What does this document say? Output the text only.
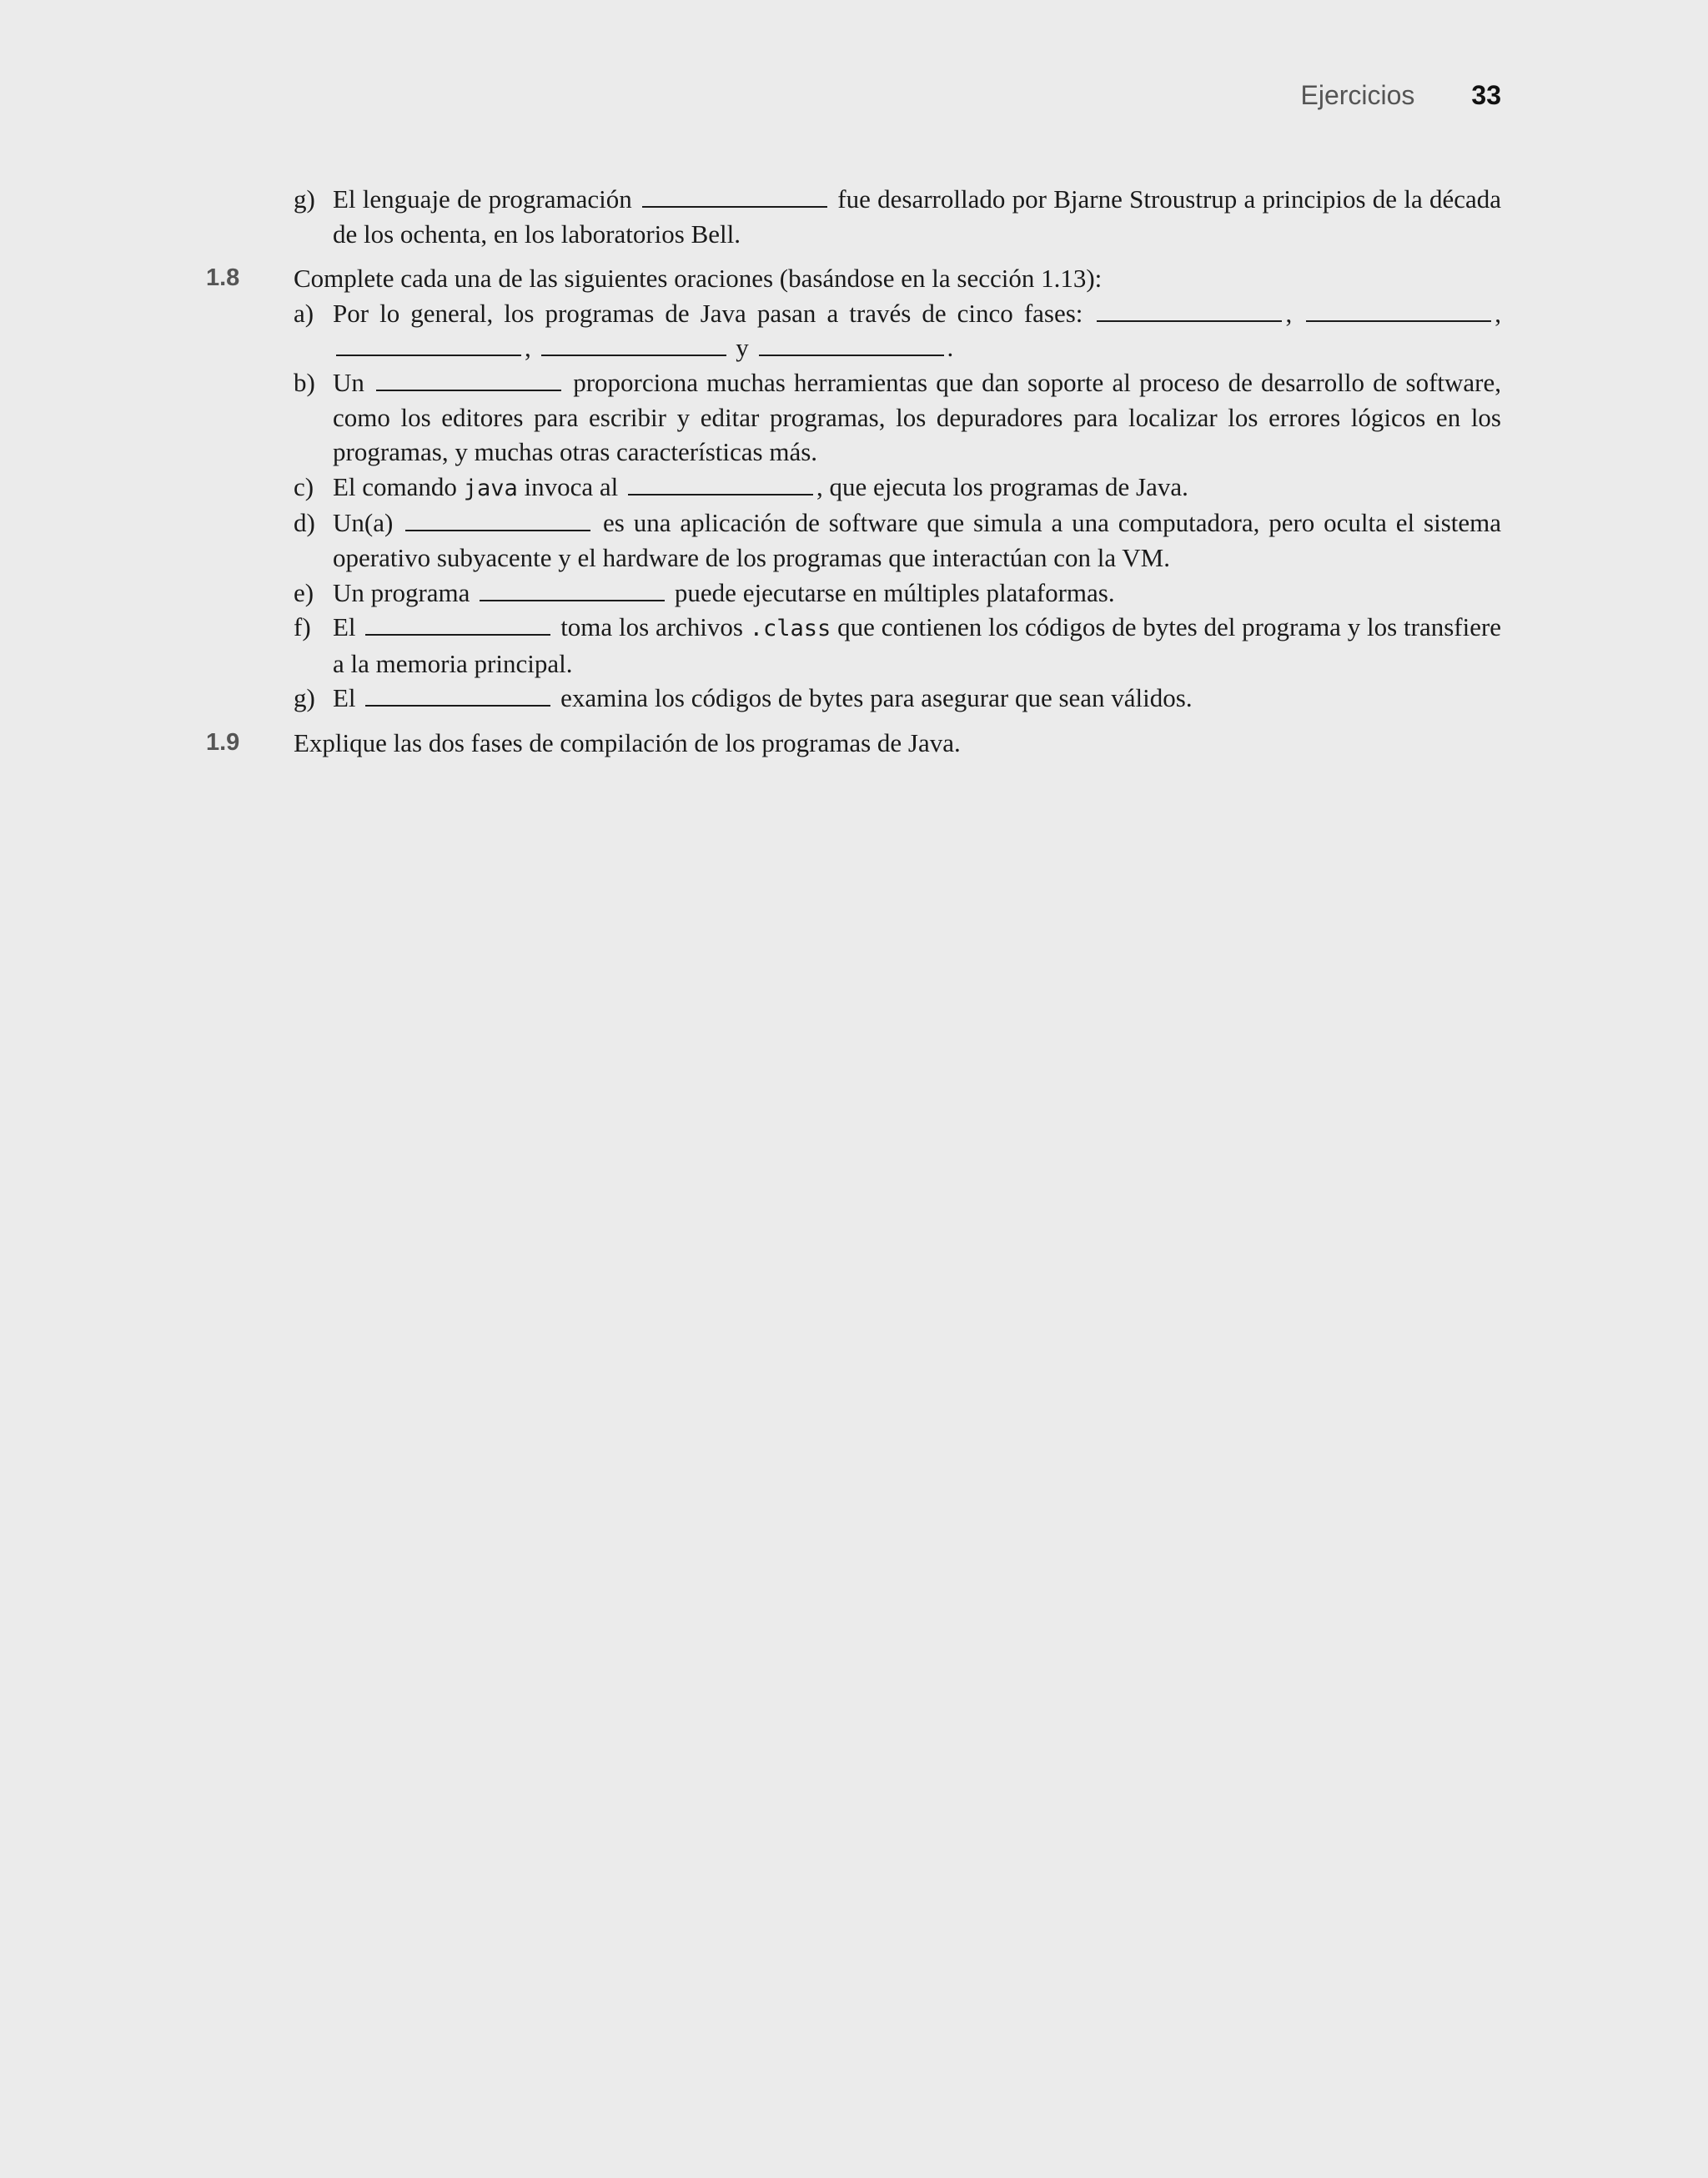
Ejercicios 33
g) El lenguaje de programación	fue desarrollado por Bjarne Stroustrup a principios de la década de los ochenta, en los laboratorios Bell.
1.8	Complete cada una de las siguientes oraciones (basándose en la sección 1.13):
a) Por lo general, los programas de Java pasan a través de cinco fases:	,	, ,	y	.
b) Un	proporciona muchas herramientas que dan soporte al proceso de desarrollo de software, como los editores para escribir y editar programas, los depuradores para localizar los errores lógicos en los programas, y muchas otras características más.
c) El comando java invoca al	, que ejecuta los programas de Java.
d) Un(a)	es una aplicación de software que simula a una computadora, pero oculta el sistema operativo subyacente y el hardware de los programas que interactúan con la VM.
e) Un programa	puede ejecutarse en múltiples plataformas.
f) El	toma los archivos .class que contienen los códigos de bytes del programa y los transfiere a la memoria principal.
g) El	examina los códigos de bytes para asegurar que sean válidos.
1.9	Explique las dos fases de compilación de los programas de Java.
